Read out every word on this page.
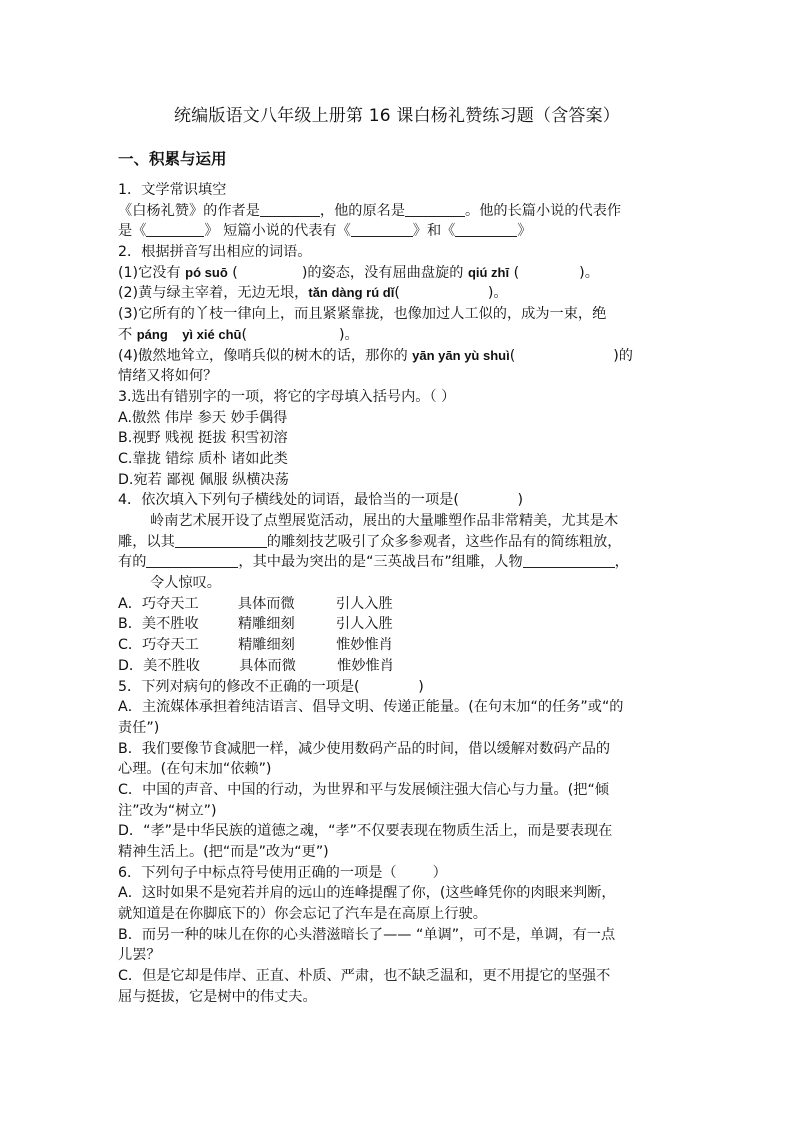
统编版语文八年级上册第 16 课白杨礼赞练习题（含答案）
一、积累与运用
1．文学常识填空
《白杨礼赞》的作者是	，他的原名是	。他的长篇小说的代表作
是《	》 短篇小说的代表有《	》和《	》
2．根据拼音写出相应的词语。
(1)它没有 pó suō (	)的姿态，没有屈曲盘旋的 qiú zhī (	)。
(2)黄与绿主宰着，无边无垠，tǎn dàng rú dǐ(	)。
(3)它所有的丫枝一律向上，而且紧紧靠拢，也像加过人工似的，成为一束，绝
不 páng    yì xié chū(	)。
(4)傲然地耸立，像哨兵似的树木的话，那你的 yān yān yù shuì(	)的
情绪又将如何？
3.选出有错别字的一项，将它的字母填入括号内。（ ）
A.傲然 伟岸 参天 妙手偶得
B.视野 贱视 挺拔 积雪初溶
C.靠拢 错综 质朴 诸如此类
D.宛若 鄙视 佩服 纵横决荡
4．依次填入下列句子横线处的词语，最恰当的一项是(             )
岭南艺术展开设了点塑展览活动，展出的大量雕塑作品非常精美，尤其是木
雕，以其	的雕刻技艺吸引了众多参观者，这些作品有的简练粗放，
有的	，其中最为突出的是“三英战吕布”组雕，人物	，
令人惊叹。
A．巧夺天工	具体而微	引人入胜
B．美不胜收	精雕细刻	引人入胜
C．巧夺天工	精雕细刻	惟妙惟肖
D．美不胜收	具体而微	惟妙惟肖
5．下列对病句的修改不正确的一项是(             )
A．主流媒体承担着纯洁语言、倡导文明、传递正能量。(在句末加“的任务”或“的
责任”)
B．我们要像节食减肥一样，减少使用数码产品的时间，借以缓解对数码产品的
心理。(在句末加“依赖”)
C．中国的声音、中国的行动，为世界和平与发展倾注强大信心与力量。(把“倾
注”改为“树立”)
D．“孝”是中华民族的道德之魂，“孝”不仅要表现在物质生活上，而是要表现在
精神生活上。(把“而是”改为“更”)
6．下列句子中标点符号使用正确的一项是（        ）
A．这时如果不是宛若并肩的远山的连峰提醒了你，(这些峰凭你的肉眼来判断，
就知道是在你脚底下的）你会忘记了汽车是在高原上行驶。
B．而另一种的味儿在你的心头潜滋暗长了—— “单调”，可不是，单调，有一点
儿罢？
C．但是它却是伟岸、正直、朴质、严肃，也不缺乏温和，更不用提它的坚强不
屈与挺拔，它是树中的伟丈夫。
